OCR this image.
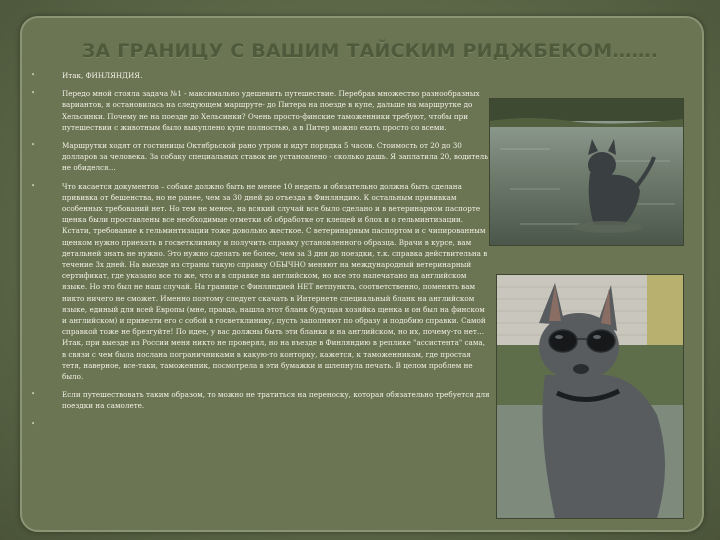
ЗА ГРАНИЦУ С ВАШИМ ТАЙСКИМ РИДЖБЕКОМ…….
•	Итак, ФИНЛЯНДИЯ.
•	Передо мной стояла задача №1 - максимально удешевить путешествие. Перебрав множество разнообразных вариантов, я остановилась на следующем маршруте- до Питера на поезде в купе, дальше на маршрутке до Хельсинки. Почему не на поезде до Хельсинки? Очень просто-финские таможенники требуют, чтобы при путешествии с животным было выкуплено купе полностью, а в Питер можно ехать просто со всеми.
•	Маршрутки ходят от гостиницы Октябрьской рано утром и идут порядка 5 часов. Стоимость от 20 до 30 долларов за человека. За собаку специальных ставок не установлено - сколько дашь. Я заплатила 20, водитель не обиделся…
•	Что касается документов – собаке должно быть не менее 10 недель и обязательно должна быть сделана прививка от бешенства, но не ранее, чем за 30 дней до отъезда в Финляндию. К остальным прививкам особенных требований нет. Но тем не менее, на всякий случай все было сделано и в ветеринарном паспорте щенка были проставлены все необходимые отметки об обработке от клещей и блох и о гельминтизации. Кстати, требование к гельминтизации тоже довольно жесткое. С ветеринарным паспортом и с чипированным щенком нужно приехать в госветклинику и получить справку установленного образца. Врачи в курсе, вам детальней знать не нужно. Это нужно сделать не более, чем за 3 дня до поездки, т.к. справка действительна в течение 3х дней. На выезде из страны такую справку ОБЫЧНО меняют на международный ветеринарный сертификат, где указано все то же, что и в справке на английском, но все это напечатано на английском языке. Но это был не наш случай. На границе с Финляндией НЕТ ветпункта, соответственно, поменять вам никто ничего не сможет. Именно поэтому следует скачать в Интернете специальный бланк на английском языке, единый для всей Европы (мне, правда, нашла этот бланк будущая хозяйка щенка и он был на финском и английском) и привезти его с собой в госветклинику, пусть заполняют по образу и подобию справки. Самой справкой тоже не брезгуйте! По идее, у вас должны быть эти бланки и на английском, но их, почему-то нет… Итак, при выезде из России меня никто не проверял, но на въезде в Финляндию в реплике "ассистента" сама, в связи с чем была послана пограничниками в какую-то конторку, кажется, к таможенникам, где простая тетя, наверное, все-таки, таможенник, посмотрела в эти бумажки и шлепнула печать. В целом проблем не было.
•	Если путешествовать таким образом, то можно не тратиться на переноску, которая обязательно требуется для поездки на самолете.
•
